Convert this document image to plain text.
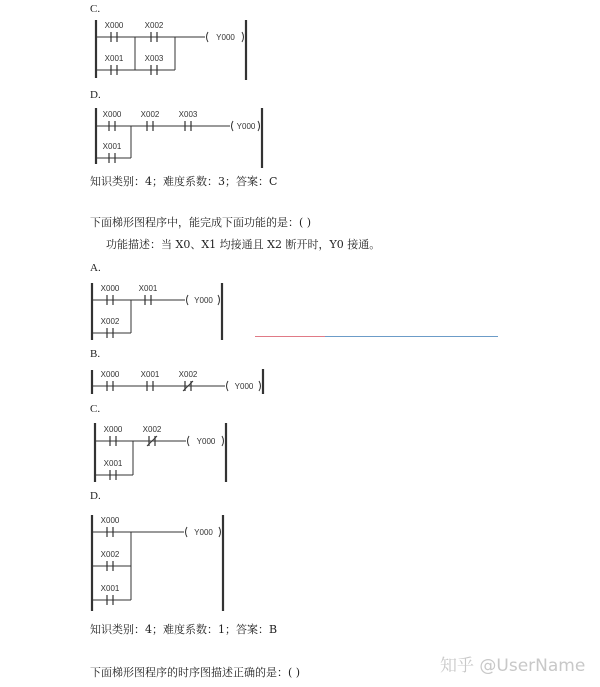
C.
D.
知识类别：4；难度系数：3；答案：C
下面梯形图程序中，能完成下面功能的是：( )
功能描述：当 X0、X1 均接通且 X2 断开时，Y0 接通。
A.
B.
C.
D.
知识类别：4；难度系数：1；答案：B
下面梯形图程序的时序图描述正确的是：( )	知乎 @UserName
X000	X002
X001	X003
Y000
X000 X002 X003
X001
Y000
X000 X001
X002
Y000
X000	X001 X002
Y000
X000	X002
X001
Y000
X000
X002
X001
Y000
